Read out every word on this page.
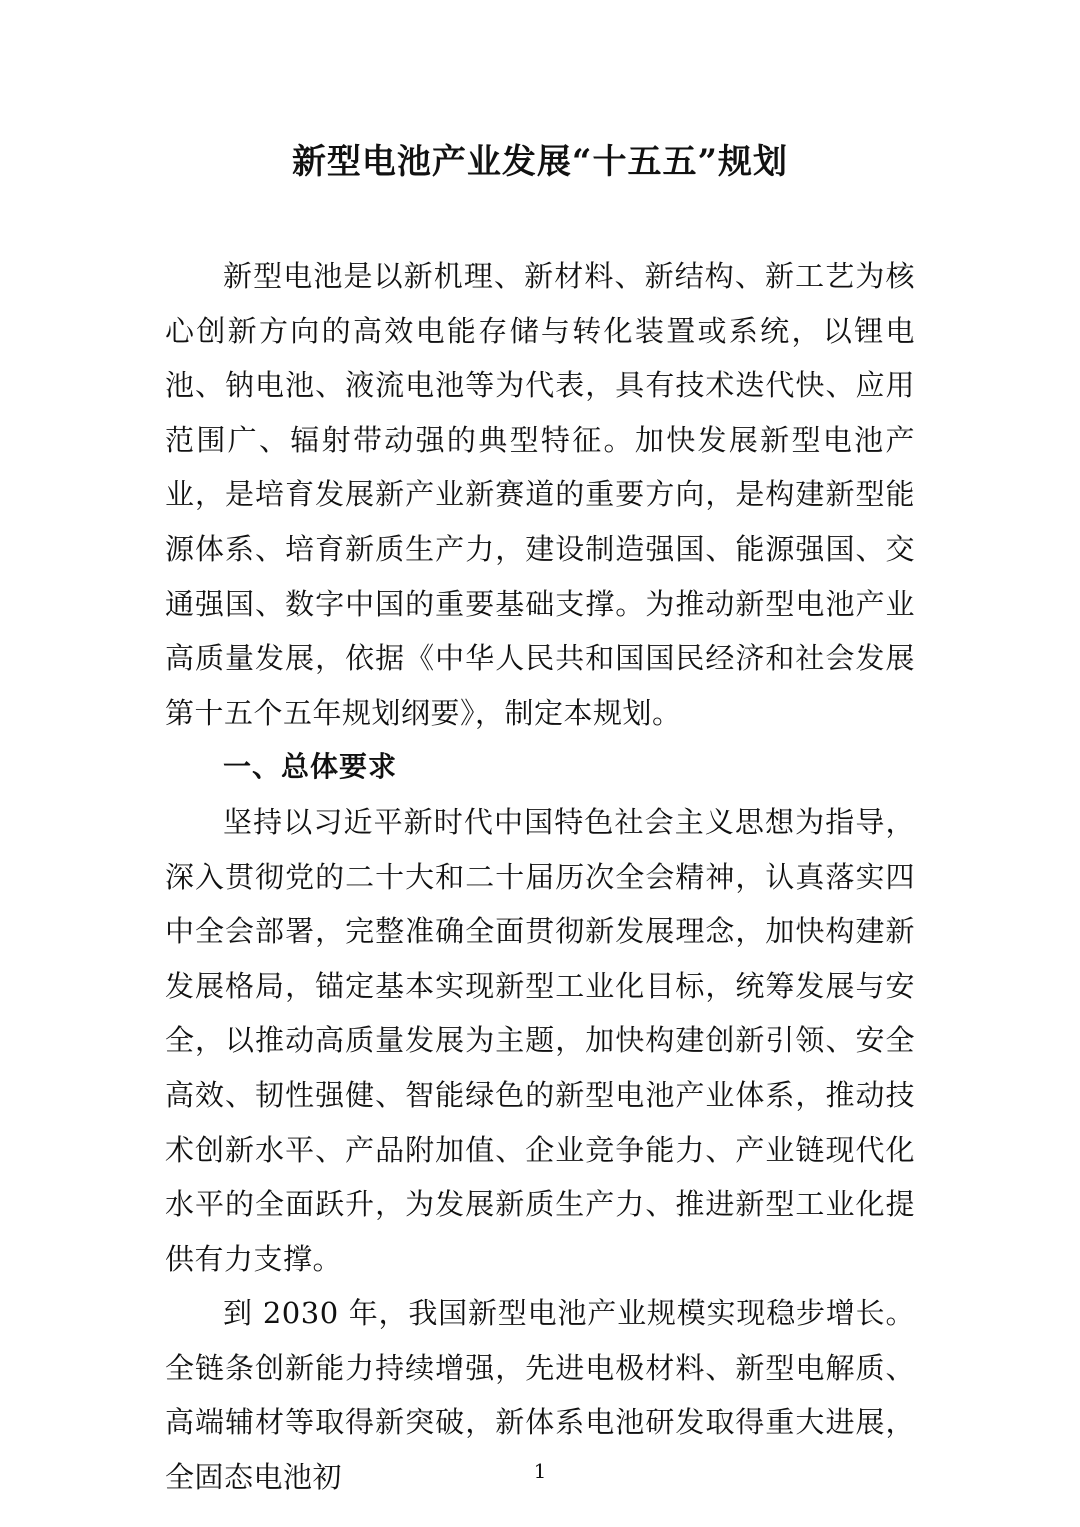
新型电池产业发展“十五五”规划

新型电池是以新机理、新材料、新结构、新工艺为核心创新方向的高效电能存储与转化装置或系统，以锂电池、钠电池、液流电池等为代表，具有技术迭代快、应用范围广、辐射带动强的典型特征。加快发展新型电池产业，是培育发展新产业新赛道的重要方向，是构建新型能源体系、培育新质生产力，建设制造强国、能源强国、交通强国、数字中国的重要基础支撑。为推动新型电池产业高质量发展，依据《中华人民共和国国民经济和社会发展第十五个五年规划纲要》，制定本规划。

一、总体要求

坚持以习近平新时代中国特色社会主义思想为指导，深入贯彻党的二十大和二十届历次全会精神，认真落实四中全会部署，完整准确全面贯彻新发展理念，加快构建新发展格局，锚定基本实现新型工业化目标，统筹发展与安全，以推动高质量发展为主题，加快构建创新引领、安全高效、韧性强健、智能绿色的新型电池产业体系，推动技术创新水平、产品附加值、企业竞争能力、产业链现代化水平的全面跃升，为发展新质生产力、推进新型工业化提供有力支撑。

到 2030 年，我国新型电池产业规模实现稳步增长。全链条创新能力持续增强，先进电极材料、新型电解质、高端辅材等取得新突破，新体系电池研发取得重大进展，全固态电池初	1
